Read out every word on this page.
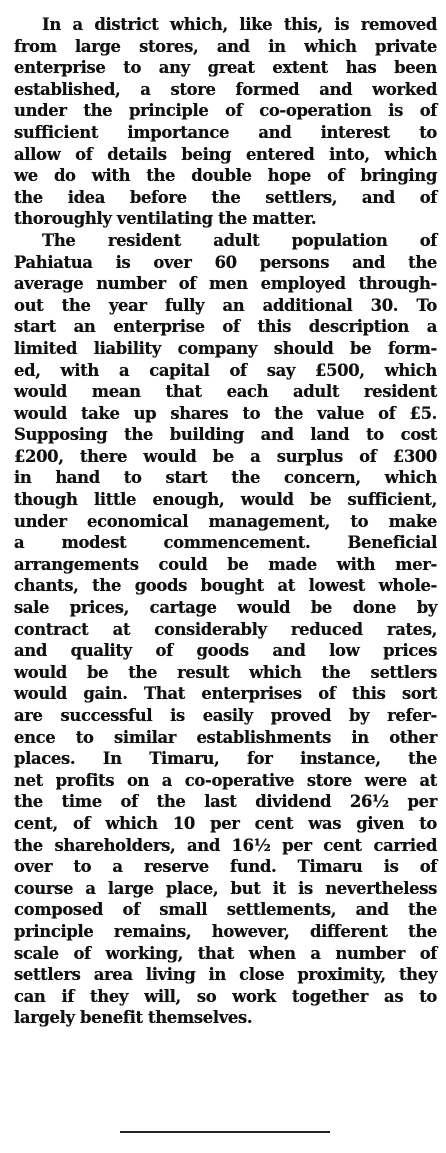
In a district which, like this, is removed
from large stores, and in which private
enterprise to any great extent has been
established, a store formed and worked
under the principle of co-operation is of
sufficient importance and interest to
allow of details being entered into, which
we do with the double hope of bringing
the idea before the settlers, and of
thoroughly ventilating the matter.
The resident adult population of
Pahiatua is over 60 persons and the
average number of men employed through-
out the year fully an additional 30. To
start an enterprise of this description a
limited liability company should be form-
ed, with a capital of say £500, which
would mean that each adult resident
would take up shares to the value of £5.
Supposing the building and land to cost
£200, there would be a surplus of £300
in hand to start the concern, which
though little enough, would be sufficient,
under economical management, to make
a modest commencement. Beneficial
arrangements could be made with mer-
chants, the goods bought at lowest whole-
sale prices, cartage would be done by
contract at considerably reduced rates,
and quality of goods and low prices
would be the result which the settlers
would gain. That enterprises of this sort
are successful is easily proved by refer-
ence to similar establishments in other
places. In Timaru, for instance, the
net profits on a co-operative store were at
the time of the last dividend 26½ per
cent, of which 10 per cent was given to
the shareholders, and 16½ per cent carried
over to a reserve fund. Timaru is of
course a large place, but it is nevertheless
composed of small settlements, and the
principle remains, however, different the
scale of working, that when a number of
settlers area living in close proximity, they
can if they will, so work together as to
largely benefit themselves.
